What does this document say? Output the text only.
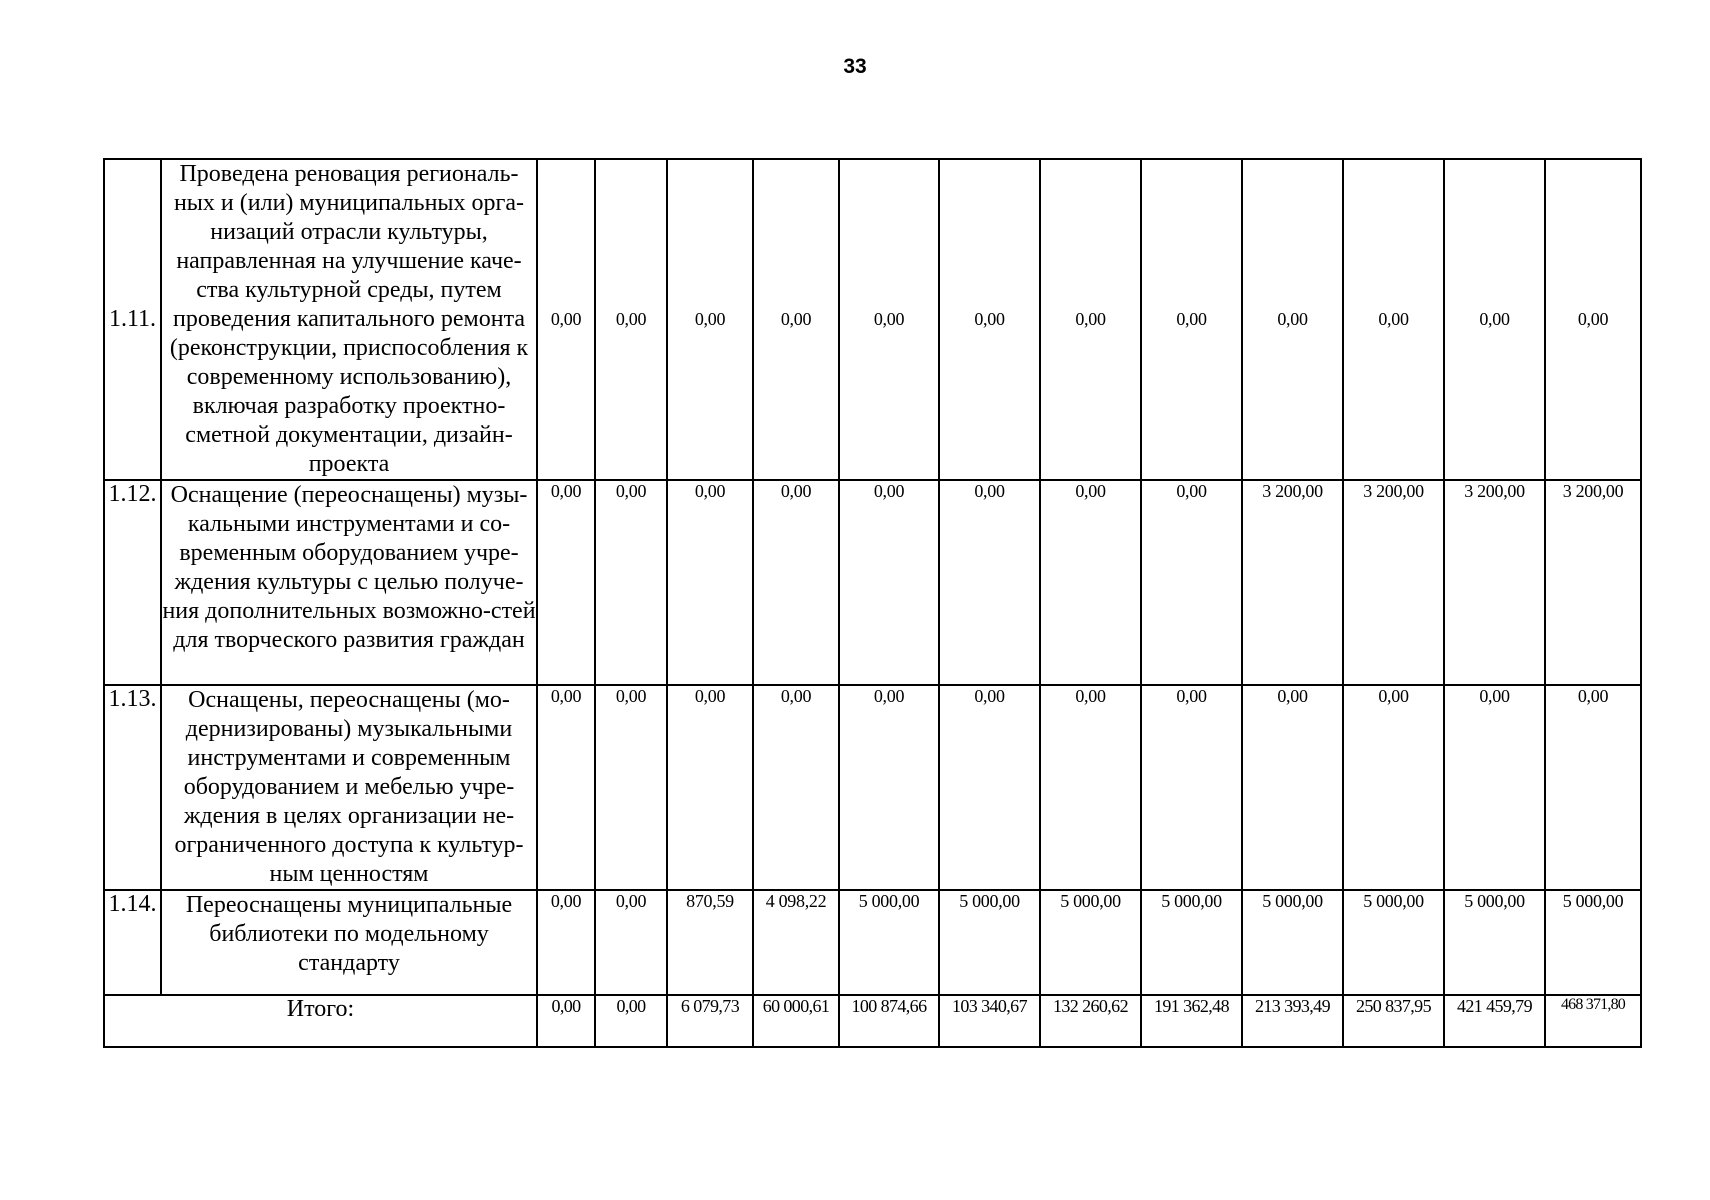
33
1.11.	Проведена реновация региональ-ных и (или) муниципальных орга-низаций отрасли культуры, направленная на улучшение каче-ства культурной среды, путем проведения капитального ремонта (реконструкции, приспособления к современному использованию), включая разработку проектно-сметной документации, дизайн-проекта	0,00	0,00	0,00	0,00	0,00	0,00	0,00	0,00	0,00	0,00	0,00	0,00
1.12.	Оснащение (переоснащены) музы-кальными инструментами и со-временным оборудованием учре-ждения культуры с целью получе-ния дополнительных возможно-стей для творческого развития граждан	0,00	0,00	0,00	0,00	0,00	0,00	0,00	0,00	3 200,00	3 200,00	3 200,00	3 200,00
1.13.	Оснащены, переоснащены (мо-дернизированы) музыкальными инструментами и современным оборудованием и мебелью учре-ждения в целях организации не-ограниченного доступа к культур-ным ценностям	0,00	0,00	0,00	0,00	0,00	0,00	0,00	0,00	0,00	0,00	0,00	0,00
1.14.	Переоснащены муниципальные библиотеки по модельному стандарту	0,00	0,00	870,59	4 098,22	5 000,00	5 000,00	5 000,00	5 000,00	5 000,00	5 000,00	5 000,00	5 000,00
Итого:		0,00	0,00	6 079,73	60 000,61	100 874,66	103 340,67	132 260,62	191 362,48	213 393,49	250 837,95	421 459,79	468 371,80
